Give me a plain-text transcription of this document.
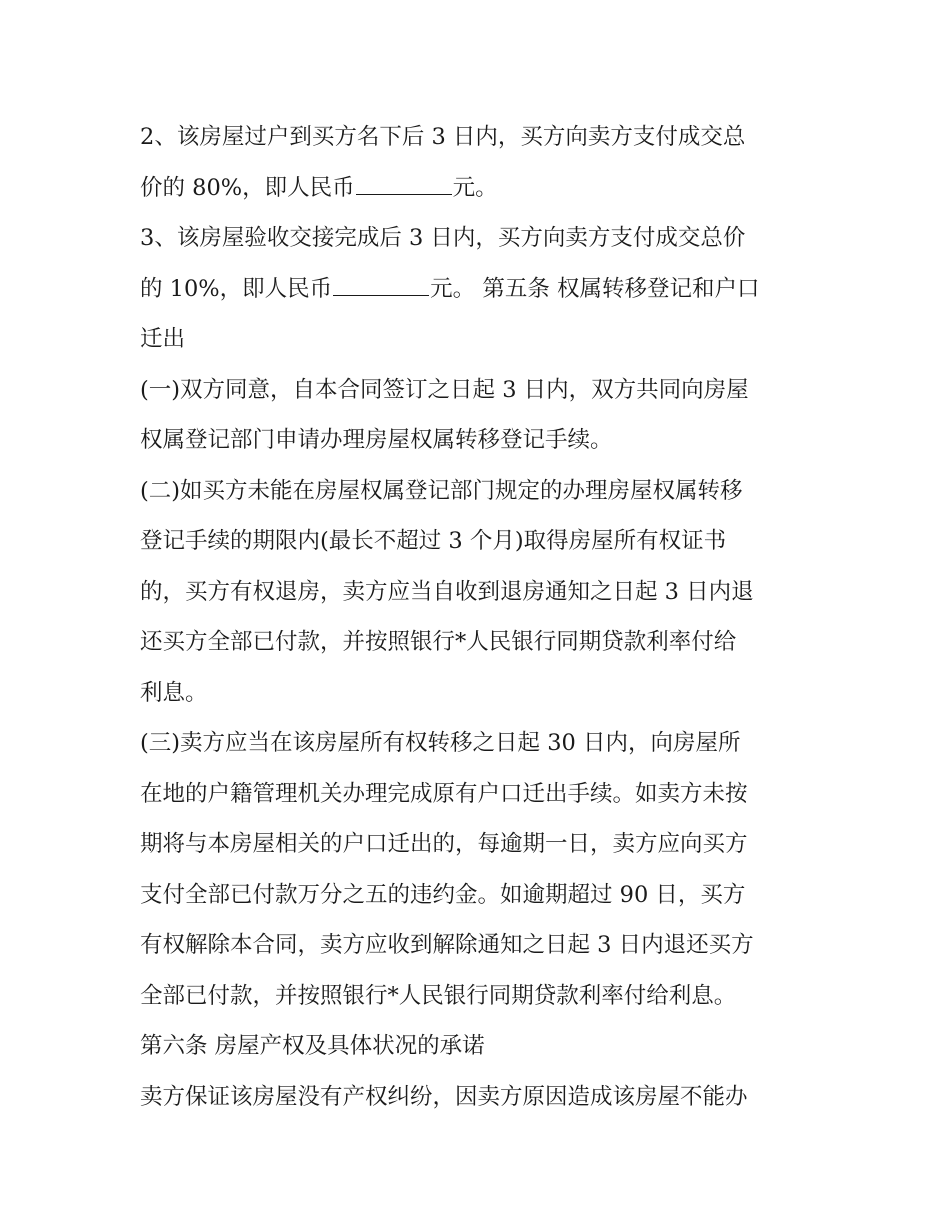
2、该房屋过户到买方名下后 3 日内，买方向卖方支付成交总
价的 80%，即人民币	元。
3、该房屋验收交接完成后 3 日内，买方向卖方支付成交总价
的 10%，即人民币	元。 第五条 权属转移登记和户口
迁出
(一)双方同意，自本合同签订之日起 3 日内，双方共同向房屋
权属登记部门申请办理房屋权属转移登记手续。
(二)如买方未能在房屋权属登记部门规定的办理房屋权属转移
登记手续的期限内(最长不超过 3 个月)取得房屋所有权证书
的，买方有权退房，卖方应当自收到退房通知之日起 3 日内退
还买方全部已付款，并按照银行*人民银行同期贷款利率付给
利息。
(三)卖方应当在该房屋所有权转移之日起 30 日内，向房屋所
在地的户籍管理机关办理完成原有户口迁出手续。如卖方未按
期将与本房屋相关的户口迁出的，每逾期一日，卖方应向买方
支付全部已付款万分之五的违约金。如逾期超过 90 日，买方
有权解除本合同，卖方应收到解除通知之日起 3 日内退还买方
全部已付款，并按照银行*人民银行同期贷款利率付给利息。
第六条 房屋产权及具体状况的承诺
卖方保证该房屋没有产权纠纷，因卖方原因造成该房屋不能办
